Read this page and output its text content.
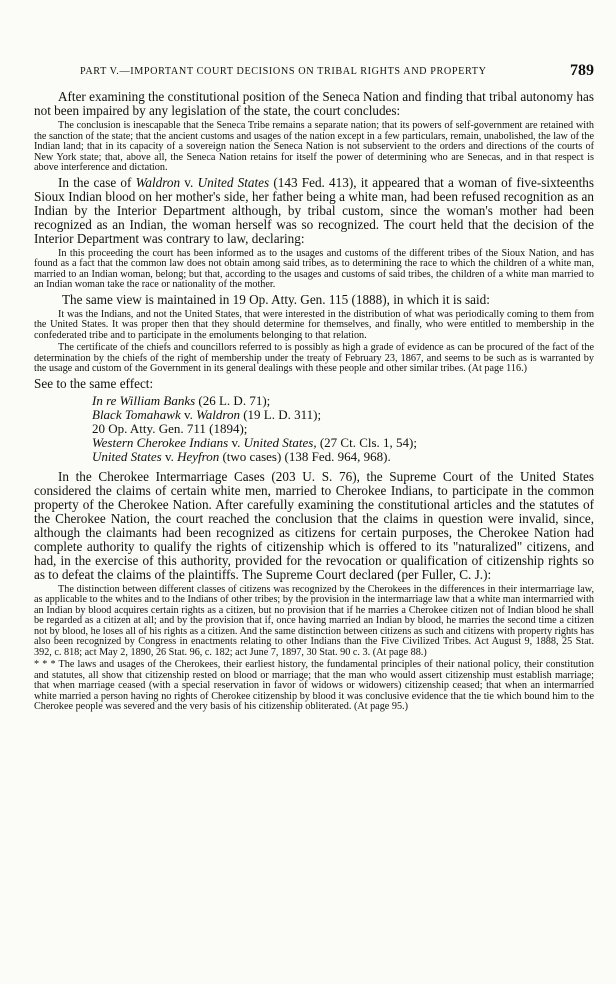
PART V.—IMPORTANT COURT DECISIONS ON TRIBAL RIGHTS AND PROPERTY	789

After examining the constitutional position of the Seneca Nation and finding that tribal autonomy has not been impaired by any legislation of the state, the court concludes:

The conclusion is inescapable that the Seneca Tribe remains a separate nation; that its powers of self-government are retained with the sanction of the state; that the ancient customs and usages of the nation except in a few particulars, remain, unabolished, the law of the Indian land; that in its capacity of a sovereign nation the Seneca Nation is not subservient to the orders and directions of the courts of New York state; that, above all, the Seneca Nation retains for itself the power of determining who are Senecas, and in that respect is above interference and dictation.

In the case of Waldron v. United States (143 Fed. 413), it appeared that a woman of five-sixteenths Sioux Indian blood on her mother's side, her father being a white man, had been refused recognition as an Indian by the Interior Department although, by tribal custom, since the woman's mother had been recognized as an Indian, the woman herself was so recognized. The court held that the decision of the Interior Department was contrary to law, declaring:

In this proceeding the court has been informed as to the usages and customs of the different tribes of the Sioux Nation, and has found as a fact that the common law does not obtain among said tribes, as to determining the race to which the children of a white man, married to an Indian woman, belong; but that, according to the usages and customs of said tribes, the children of a white man married to an Indian woman take the race or nationality of the mother.

The same view is maintained in 19 Op. Atty. Gen. 115 (1888), in which it is said:

It was the Indians, and not the United States, that were interested in the distribution of what was periodically coming to them from the United States. It was proper then that they should determine for themselves, and finally, who were entitled to membership in the confederated tribe and to participate in the emoluments belonging to that relation.

The certificate of the chiefs and councillors referred to is possibly as high a grade of evidence as can be procured of the fact of the determination by the chiefs of the right of membership under the treaty of February 23, 1867, and seems to be such as is warranted by the usage and custom of the Government in its general dealings with these people and other similar tribes. (At page 116.)

See to the same effect:

In re William Banks (26 L. D. 71);
Black Tomahawk v. Waldron (19 L. D. 311);
20 Op. Atty. Gen. 711 (1894);
Western Cherokee Indians v. United States, (27 Ct. Cls. 1, 54);
United States v. Heyfron (two cases) (138 Fed. 964, 968).

In the Cherokee Intermarriage Cases (203 U. S. 76), the Supreme Court of the United States considered the claims of certain white men, married to Cherokee Indians, to participate in the common property of the Cherokee Nation. After carefully examining the constitutional articles and the statutes of the Cherokee Nation, the court reached the conclusion that the claims in question were invalid, since, although the claimants had been recognized as citizens for certain purposes, the Cherokee Nation had complete authority to qualify the rights of citizenship which is offered to its "naturalized" citizens, and had, in the exercise of this authority, provided for the revocation or qualification of citizenship rights so as to defeat the claims of the plaintiffs. The Supreme Court declared (per Fuller, C. J.):

The distinction between different classes of citizens was recognized by the Cherokees in the differences in their intermarriage law, as applicable to the whites and to the Indians of other tribes; by the provision in the intermarriage law that a white man intermarried with an Indian by blood acquires certain rights as a citizen, but no provision that if he marries a Cherokee citizen not of Indian blood he shall be regarded as a citizen at all; and by the provision that if, once having married an Indian by blood, he marries the second time a citizen not by blood, he loses all of his rights as a citizen. And the same distinction between citizens as such and citizens with property rights has also been recognized by Congress in enactments relating to other Indians than the Five Civilized Tribes. Act August 9, 1888, 25 Stat. 392, c. 818; act May 2, 1890, 26 Stat. 96, c. 182; act June 7, 1897, 30 Stat. 90 c. 3. (At page 88.)

* * * The laws and usages of the Cherokees, their earliest history, the fundamental principles of their national policy, their constitution and statutes, all show that citizenship rested on blood or marriage; that the man who would assert citizenship must establish marriage; that when marriage ceased (with a special reservation in favor of widows or widowers) citizenship ceased; that when an intermarried white married a person having no rights of Cherokee citizenship by blood it was conclusive evidence that the tie which bound him to the Cherokee people was severed and the very basis of his citizenship obliterated. (At page 95.)
